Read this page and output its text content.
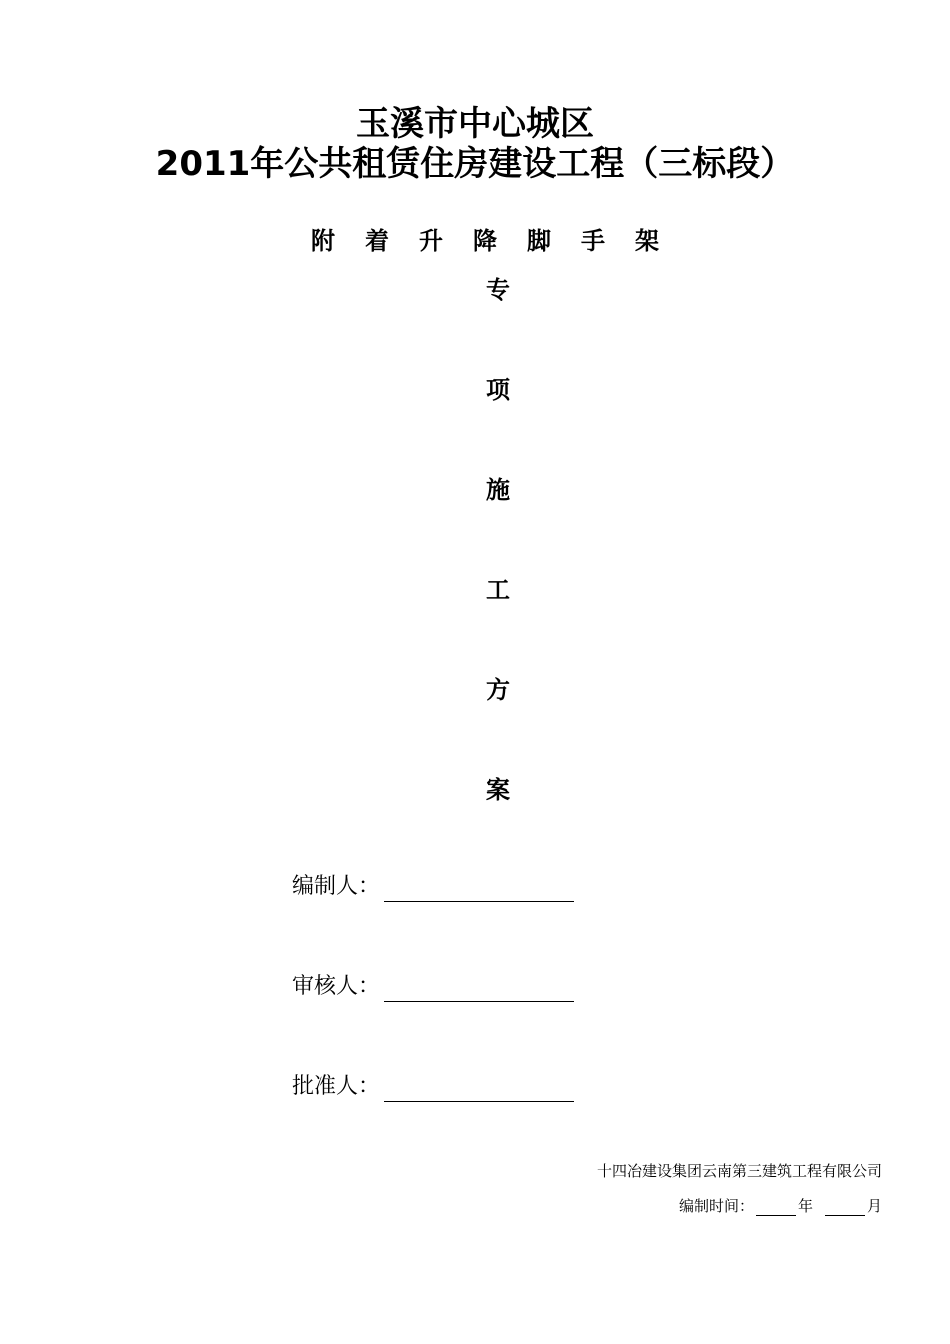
玉溪市中心城区
2011年公共租赁住房建设工程（三标段）
附着升降脚手架
专
项
施
工
方
案
编制人：
审核人：
批准人：
十四冶建设集团云南第三建筑工程有限公司
编制时间：	年	月
